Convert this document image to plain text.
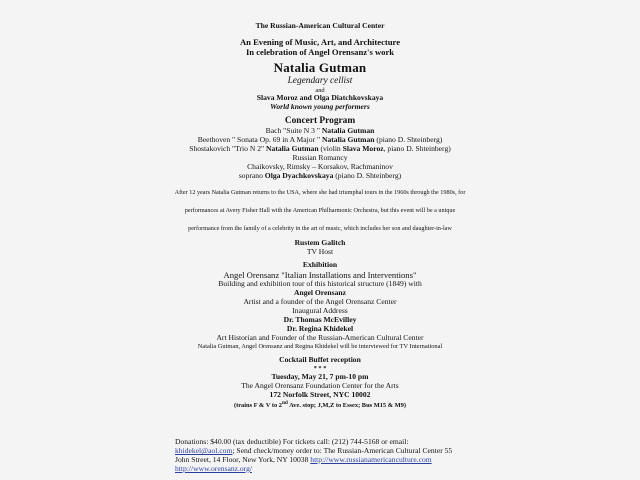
The Russian-American Cultural Center
An Evening of Music, Art, and Architecture
In celebration of Angel Orensanz's work
Natalia Gutman
Legendary cellist
and
Slava Moroz and Olga Diatchkovskaya
World known young performers
Concert Program
Bach "Suite N 3 " Natalia Gutman
Beethoven " Sonata Op. 69 in A Major " Natalia Gutman (piano D. Shteinberg)
Shostakovich "Trio N 2" Natalia Gutman (violin Slava Moroz, piano D. Shteinberg)
Russian Romancy
Chaikovsky, Rimsky – Korsakov, Rachmaninov
soprano Olga Dyachkovskaya (piano D. Shteinberg)
After 12 years Natalia Gutman returns to the USA, where she had triumphal tours in the 1960s through the 1980s, for performances at Avery Fisher Hall with the American Philharmonic Orchestra, but this event will be a unique performance from the family of a celebrity in the art of music, which includes her son and daughter-in-law
Rustem Galitch
TV Host
Exhibition
Angel Orensanz "Italian Installations and Interventions"
Building and exhibition tour of this historical structure (1849) with
Angel Orensanz
Artist and a founder of the Angel Orensanz Center
Inaugural Address
Dr. Thomas McEvilley
Dr. Regina Khidekel
Art Historian and Founder of the Russian-American Cultural Center
Natalia Gutman, Angel Orensanz and Regina Khidekel will be interviewed for TV International
Cocktail Buffet reception
* * *
Tuesday, May 21, 7 pm-10 pm
The Angel Orensanz Foundation Center for the Arts
172 Norfolk Street, NYC 10002
(trains F & V to 2nd Ave. stop; J,M,Z to Essex; Bus M15 & M9)
Donations: $40.00 (tax deductible) For tickets call: (212) 744-5168 or email:
khidekel@aol.com; Send check/money order to: The Russian-American Cultural Center 55
John Street, 14 Floor, New York, NY 10038 http://www.russianamericanculture.com
http://www.orensanz.org/
